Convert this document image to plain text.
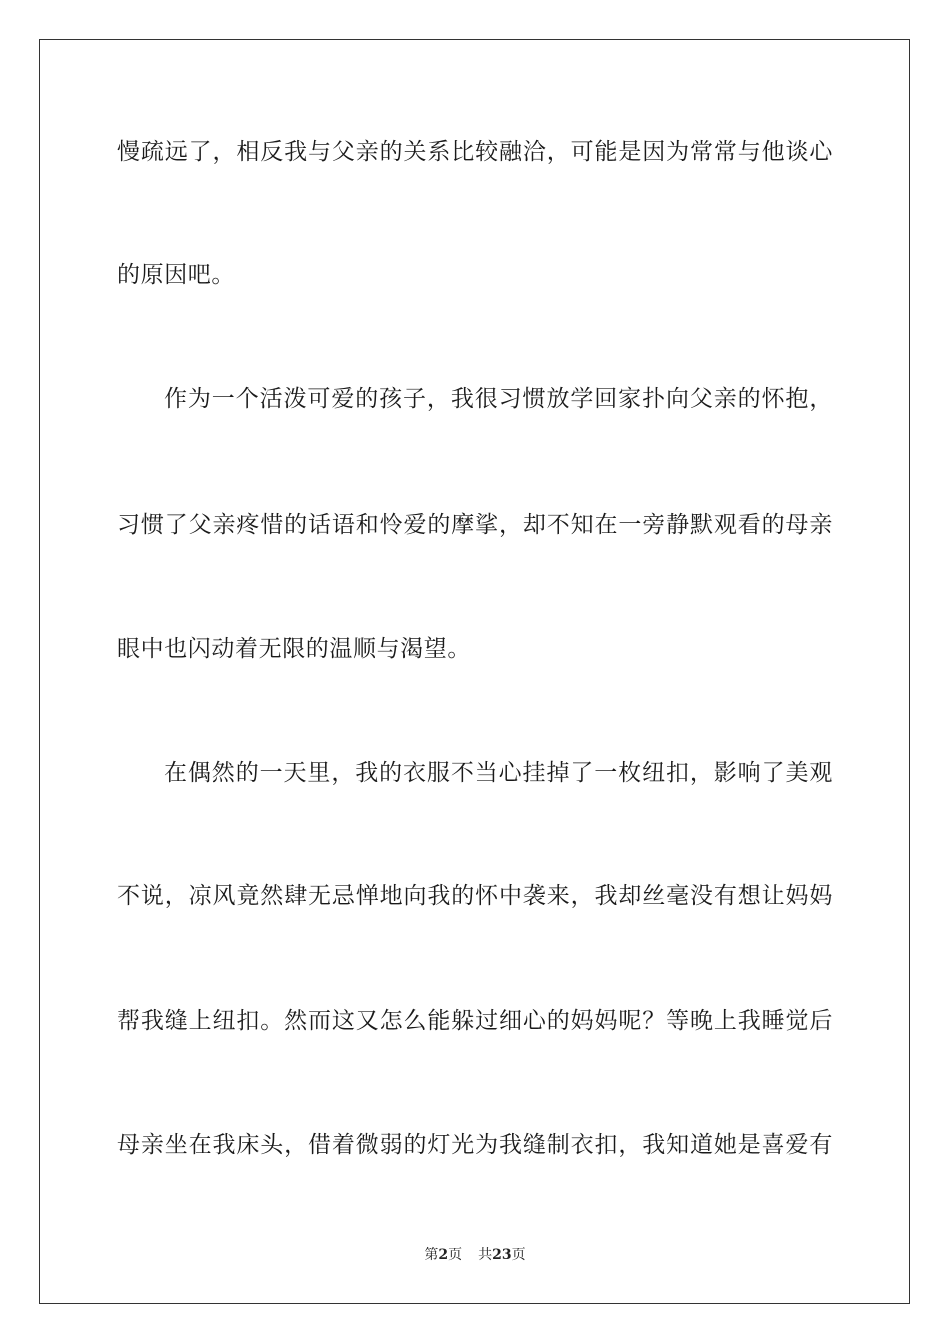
慢疏远了，相反我与父亲的关系比较融洽，可能是因为常常与他谈心
的原因吧。
作为一个活泼可爱的孩子，我很习惯放学回家扑向父亲的怀抱，
习惯了父亲疼惜的话语和怜爱的摩挲，却不知在一旁静默观看的母亲
眼中也闪动着无限的温顺与渴望。
在偶然的一天里，我的衣服不当心挂掉了一枚纽扣，影响了美观
不说，凉风竟然肆无忌惮地向我的怀中袭来，我却丝毫没有想让妈妈
帮我缝上纽扣。然而这又怎么能躲过细心的妈妈呢？等晚上我睡觉后
母亲坐在我床头，借着微弱的灯光为我缝制衣扣，我知道她是喜爱有
第2页 共23页
